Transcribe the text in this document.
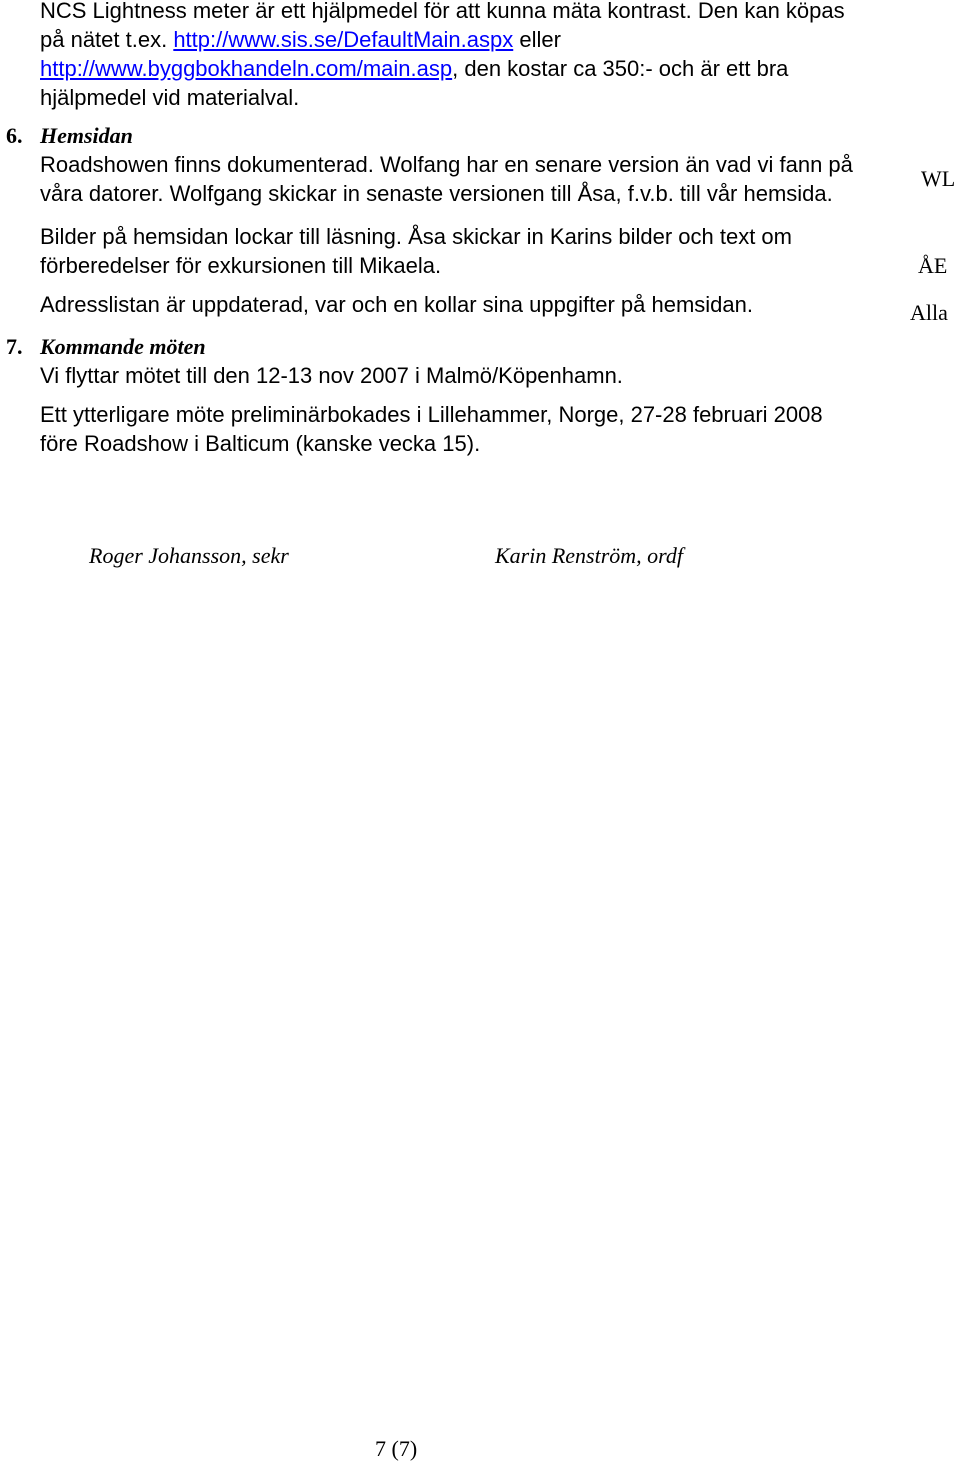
NCS Lightness meter är ett hjälpmedel för att kunna mäta kontrast. Den kan köpas
på nätet t.ex. http://www.sis.se/DefaultMain.aspx eller
http://www.byggbokhandeln.com/main.asp, den kostar ca 350:- och är ett bra
hjälpmedel vid materialval.
6. Hemsidan
Roadshowen finns dokumenterad. Wolfang har en senare version än vad vi fann på
våra datorer. Wolfgang skickar in senaste versionen till Åsa, f.v.b. till vår hemsida.
Bilder på hemsidan lockar till läsning. Åsa skickar in Karins bilder och text om
förberedelser för exkursionen till Mikaela.
Adresslistan är uppdaterad, var och en kollar sina uppgifter på hemsidan.
WL
ÅE
Alla
7. Kommande möten
Vi flyttar mötet till den 12-13 nov 2007 i Malmö/Köpenhamn.
Ett ytterligare möte preliminärbokades i Lillehammer, Norge, 27-28 februari 2008
före Roadshow i Balticum (kanske vecka 15).
Roger Johansson, sekr	Karin Renström, ordf
7 (7)
